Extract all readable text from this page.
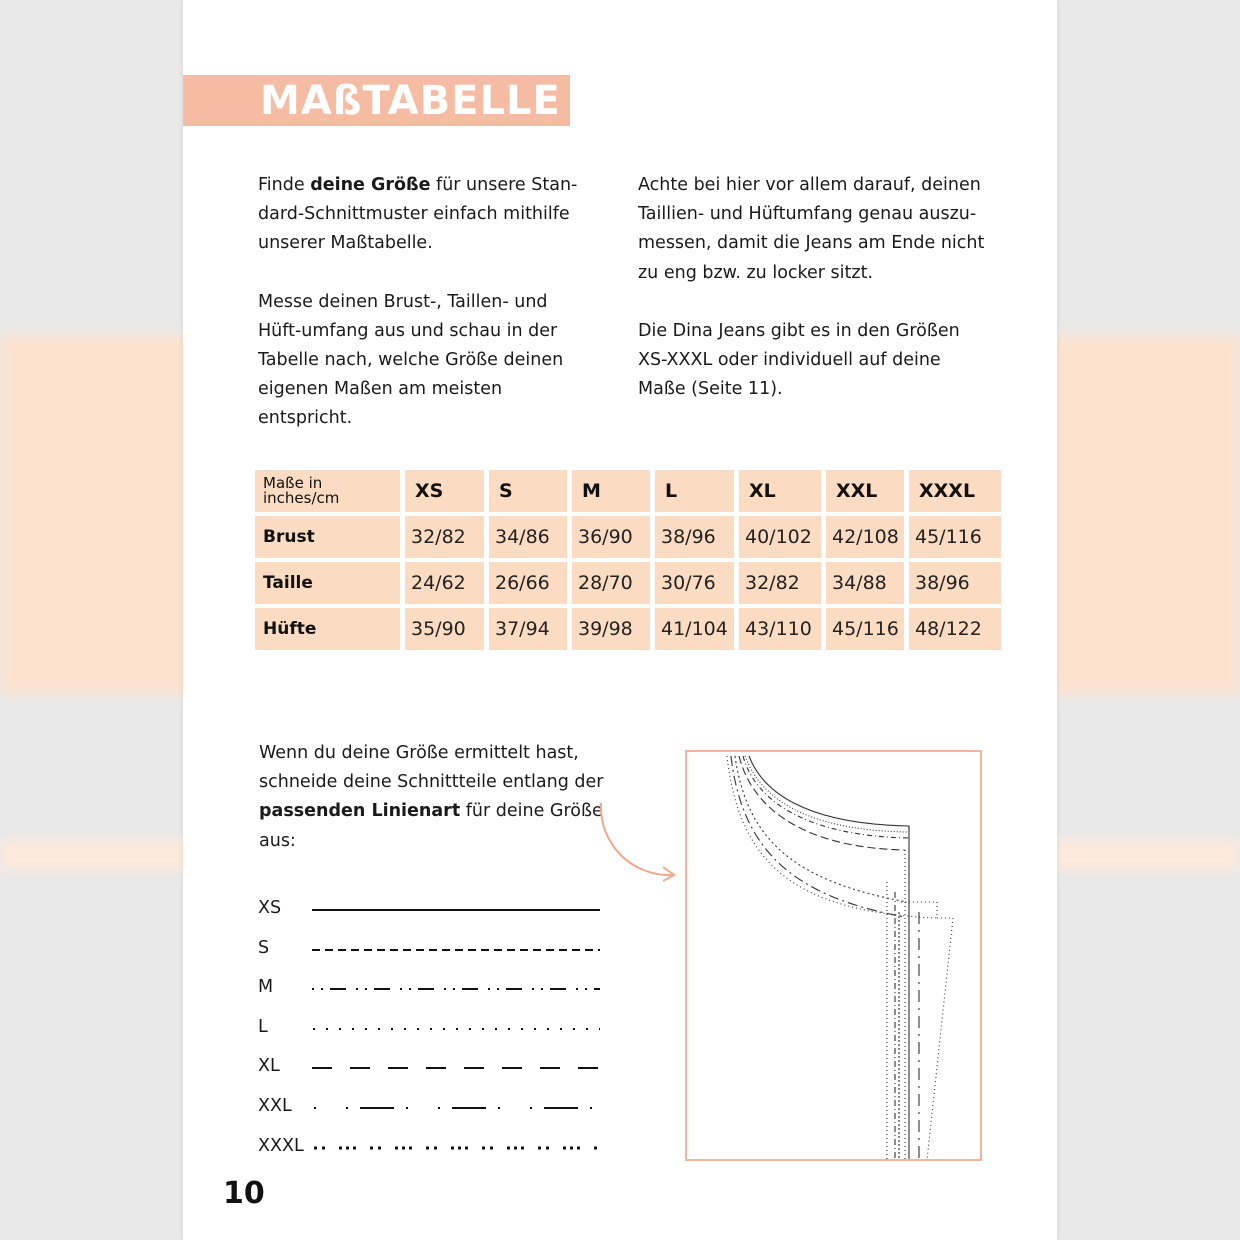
MAßTABELLE

Finde deine Größe für unsere Stan-dard-Schnittmuster einfach mithilfe unserer Maßtabelle.

Messe deinen Brust-, Taillen- und Hüft-umfang aus und schau in der Tabelle nach, welche Größe deinen eigenen Maßen am meisten entspricht.

Achte bei hier vor allem darauf, deinen Taillien- und Hüftumfang genau auszu-messen, damit die Jeans am Ende nicht zu eng bzw. zu locker sitzt.

Die Dina Jeans gibt es in den Größen XS-XXXL oder individuell auf deine Maße (Seite 11).

Maße in inches/cm	XS	S	M	L	XL	XXL	XXXL
Brust	32/82	34/86	36/90	38/96	40/102	42/108	45/116
Taille	24/62	26/66	28/70	30/76	32/82	34/88	38/96
Hüfte	35/90	37/94	39/98	41/104	43/110	45/116	48/122

Wenn du deine Größe ermittelt hast, schneide deine Schnittteile entlang der passenden Linienart für deine Größe aus:

XS
S
M
L
XL
XXL
XXXL
10
